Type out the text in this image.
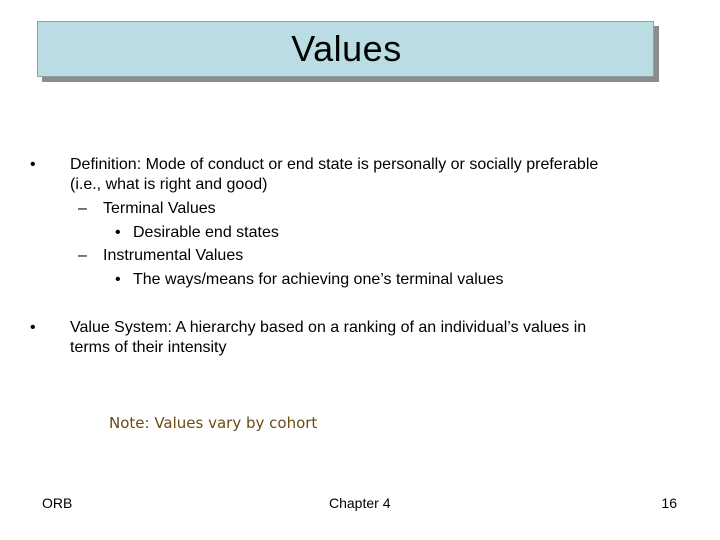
Values
• Definition: Mode of conduct or end state is personally or socially preferable
(i.e., what is right and good)
– Terminal Values
• Desirable end states
– Instrumental Values
• The ways/means for achieving one’s terminal values
• Value System: A hierarchy based on a ranking of an individual’s values in
terms of their intensity
Note: Values vary by cohort
ORB	Chapter 4	16
